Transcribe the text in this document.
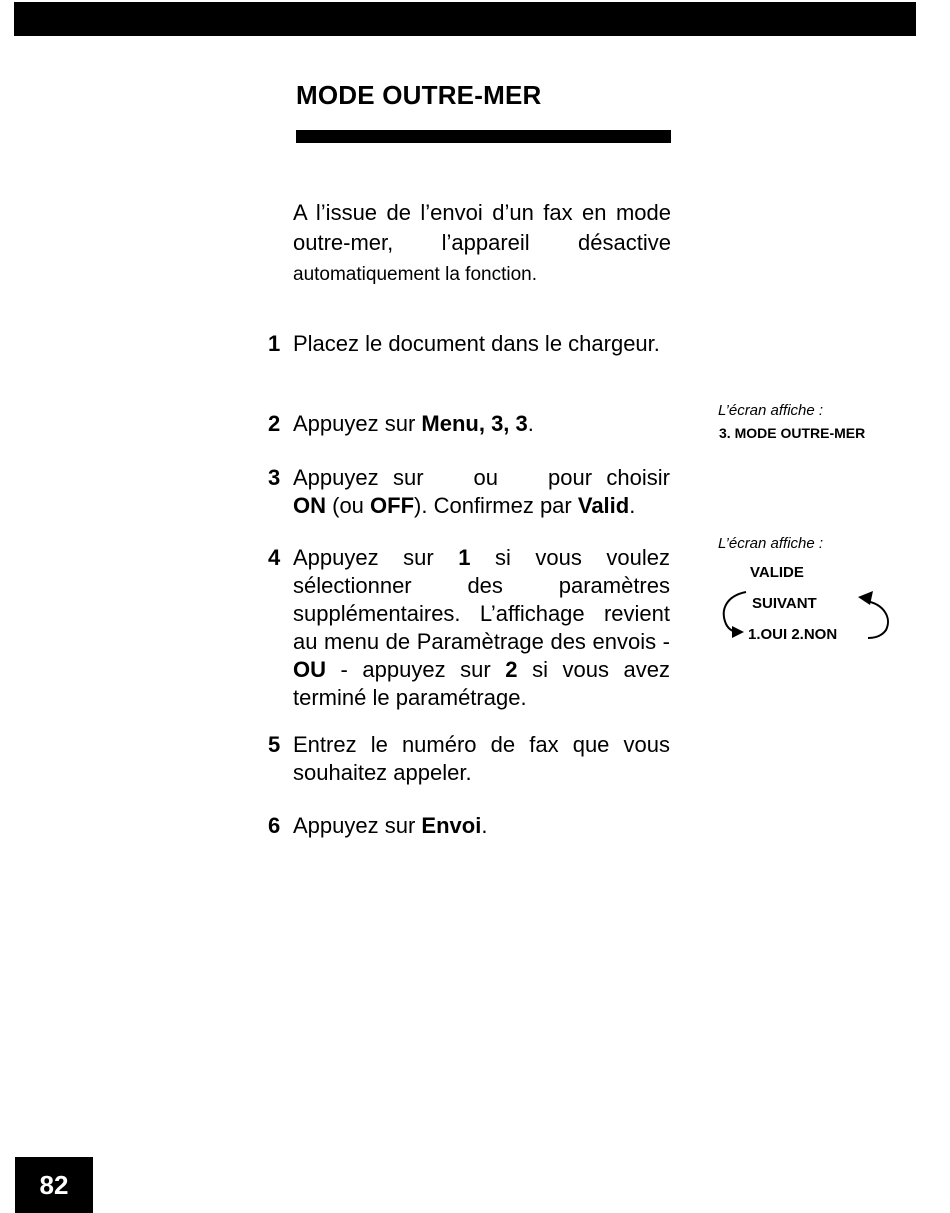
MODE OUTRE-MER

A l’issue de l’envoi d’un fax en mode outre-mer, l’appareil désactive automatiquement la fonction.

1 Placez le document dans le chargeur.
2 Appuyez sur Menu, 3, 3.
3 Appuyez sur ou pour choisir ON (ou OFF). Confirmez par Valid.
4 Appuyez sur 1 si vous voulez sélectionner des paramètres supplémentaires. L’affichage revient au menu de Paramètrage des envois - OU - appuyez sur 2 si vous avez terminé le paramétrage.
5 Entrez le numéro de fax que vous souhaitez appeler.
6 Appuyez sur Envoi.
L’écran affiche :
3. MODE OUTRE-MER
L’écran affiche :
VALIDE
SUIVANT
1.OUI 2.NON
82
